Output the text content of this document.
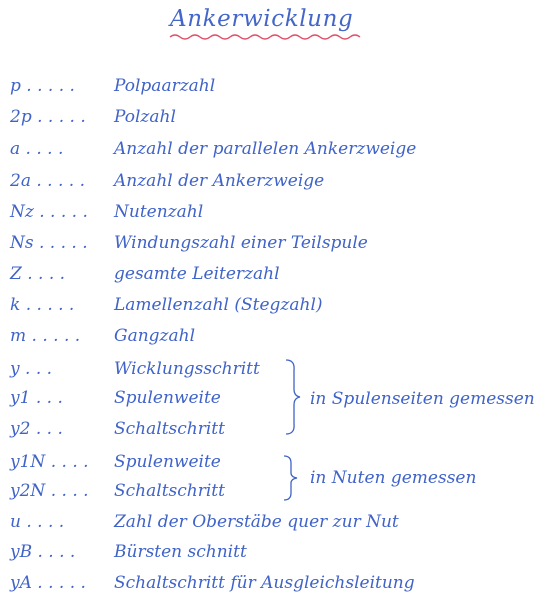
Ankerwicklung
p . . . . . Polpaarzahl
2p . . . . . Polzahl
a . . . .	Anzahl der parallelen Ankerzweige
2a . . . . . Anzahl der Ankerzweige
Nz . . . . . Nutenzahl
Ns . . . . . Windungszahl einer Teilspule
Z . . . .	gesamte Leiterzahl
k . . . . . Lamellenzahl (Stegzahl)
m . . . . . Gangzahl
y . . .	Wicklungsschritt
y1 . . .	Spulenweite
y2 . . .	Schaltschritt
in Spulenseiten gemessen
y1N . . . . Spulenweite
y2N . . . . Schaltschritt
in Nuten gemessen
u . . . .	Zahl der Oberstäbe quer zur Nut
yB . . . . Bürsten schnitt
yA . . . . . Schaltschritt für Ausgleichsleitung
